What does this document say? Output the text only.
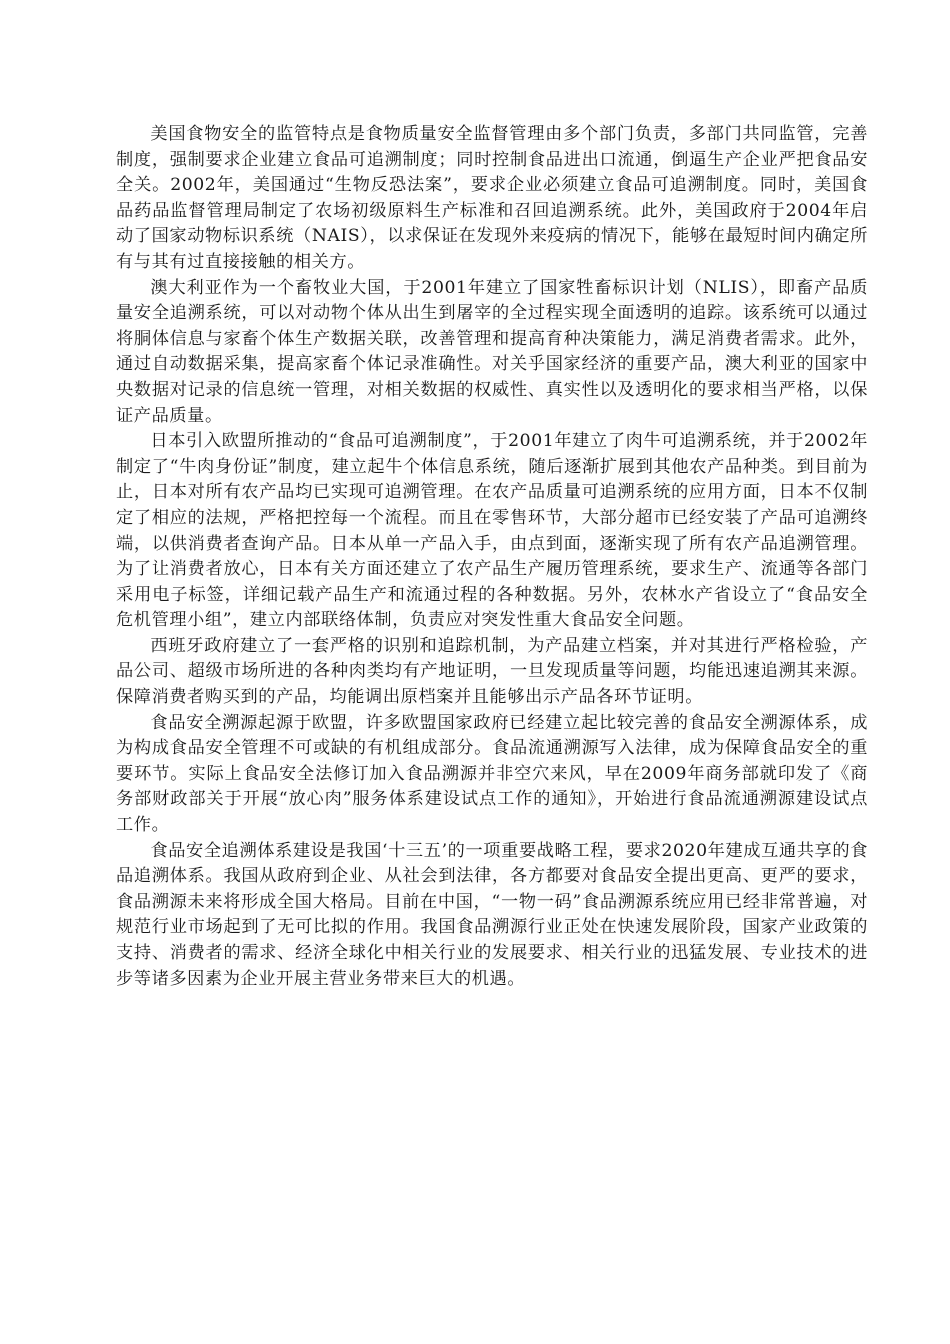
美国食物安全的监管特点是食物质量安全监督管理由多个部门负责，多部门共同监管，完善制度，强制要求企业建立食品可追溯制度；同时控制食品进出口流通，倒逼生产企业严把食品安全关。2002年，美国通过“生物反恐法案”，要求企业必须建立食品可追溯制度。同时，美国食品药品监督管理局制定了农场初级原料生产标准和召回追溯系统。此外，美国政府于2004年启动了国家动物标识系统（NAIS），以求保证在发现外来疫病的情况下，能够在最短时间内确定所有与其有过直接接触的相关方。

澳大利亚作为一个畜牧业大国，于2001年建立了国家牲畜标识计划（NLIS），即畜产品质量安全追溯系统，可以对动物个体从出生到屠宰的全过程实现全面透明的追踪。该系统可以通过将胴体信息与家畜个体生产数据关联，改善管理和提高育种决策能力，满足消费者需求。此外，通过自动数据采集，提高家畜个体记录准确性。对关乎国家经济的重要产品，澳大利亚的国家中央数据对记录的信息统一管理，对相关数据的权威性、真实性以及透明化的要求相当严格，以保证产品质量。

日本引入欧盟所推动的“食品可追溯制度”，于2001年建立了肉牛可追溯系统，并于2002年制定了“牛肉身份证”制度，建立起牛个体信息系统，随后逐渐扩展到其他农产品种类。到目前为止，日本对所有农产品均已实现可追溯管理。在农产品质量可追溯系统的应用方面，日本不仅制定了相应的法规，严格把控每一个流程。而且在零售环节，大部分超市已经安装了产品可追溯终端，以供消费者查询产品。日本从单一产品入手，由点到面，逐渐实现了所有农产品追溯管理。为了让消费者放心，日本有关方面还建立了农产品生产履历管理系统，要求生产、流通等各部门采用电子标签，详细记载产品生产和流通过程的各种数据。另外，农林水产省设立了“食品安全危机管理小组”，建立内部联络体制，负责应对突发性重大食品安全问题。

西班牙政府建立了一套严格的识别和追踪机制，为产品建立档案，并对其进行严格检验，产品公司、超级市场所进的各种肉类均有产地证明，一旦发现质量等问题，均能迅速追溯其来源。保障消费者购买到的产品，均能调出原档案并且能够出示产品各环节证明。

食品安全溯源起源于欧盟，许多欧盟国家政府已经建立起比较完善的食品安全溯源体系，成为构成食品安全管理不可或缺的有机组成部分。食品流通溯源写入法律，成为保障食品安全的重要环节。实际上食品安全法修订加入食品溯源并非空穴来风，早在2009年商务部就印发了《商务部财政部关于开展“放心肉”服务体系建设试点工作的通知》，开始进行食品流通溯源建设试点工作。

食品安全追溯体系建设是我国‘十三五’的一项重要战略工程，要求2020年建成互通共享的食品追溯体系。我国从政府到企业、从社会到法律，各方都要对食品安全提出更高、更严的要求，食品溯源未来将形成全国大格局。目前在中国，“一物一码”食品溯源系统应用已经非常普遍，对规范行业市场起到了无可比拟的作用。我国食品溯源行业正处在快速发展阶段，国家产业政策的支持、消费者的需求、经济全球化中相关行业的发展要求、相关行业的迅猛发展、专业技术的进步等诸多因素为企业开展主营业务带来巨大的机遇。
